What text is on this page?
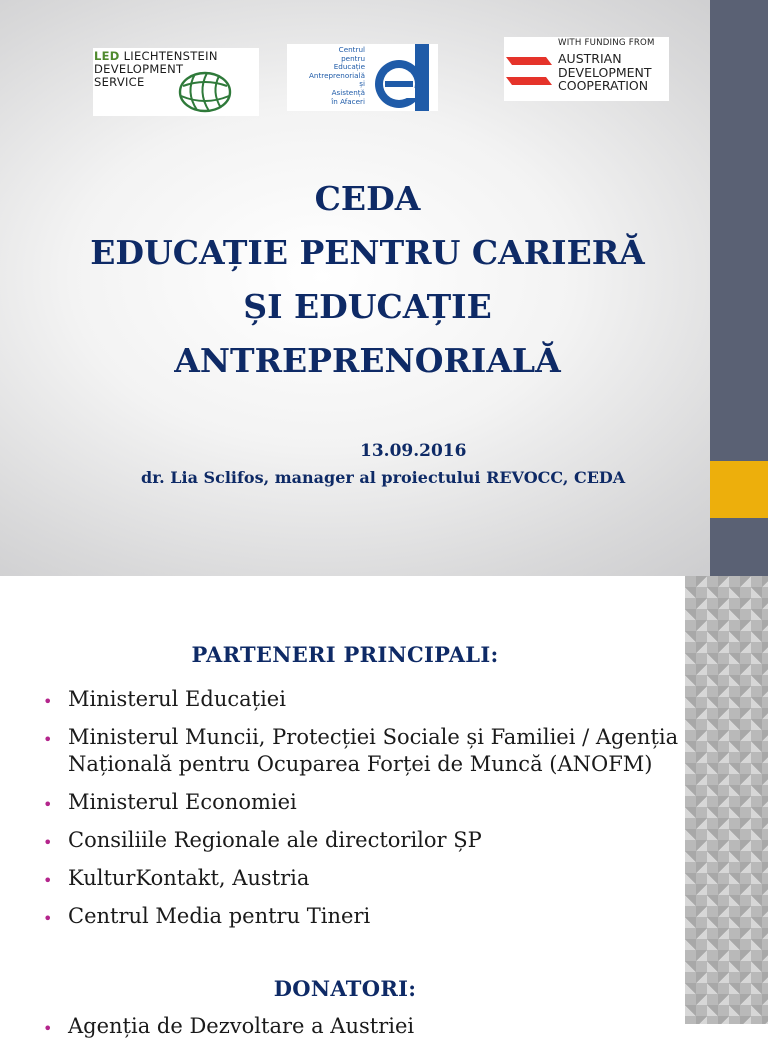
LED LIECHTENSTEIN
DEVELOPMENT
SERVICE
Centrul
pentru
Educație
Antreprenorială
și
Asistență
în Afaceri
WITH FUNDING FROM
AUSTRIAN
DEVELOPMENT
COOPERATION
CEDA
EDUCAȚIE PENTRU CARIERĂ
ȘI EDUCAȚIE
ANTREPRENORIALĂ
13.09.2016
dr. Lia Sclifos, manager al proiectului REVOCC, CEDA
PARTENERI PRINCIPALI:
• Ministerul Educației
• Ministerul Muncii, Protecției Sociale și Familiei / Agenția Națională pentru Ocuparea Forței de Muncă (ANOFM)
• Ministerul Economiei
• Consiliile Regionale ale directorilor ȘP
• KulturKontakt, Austria
• Centrul Media pentru Tineri
DONATORI:
• Agenția de Dezvoltare a Austriei
